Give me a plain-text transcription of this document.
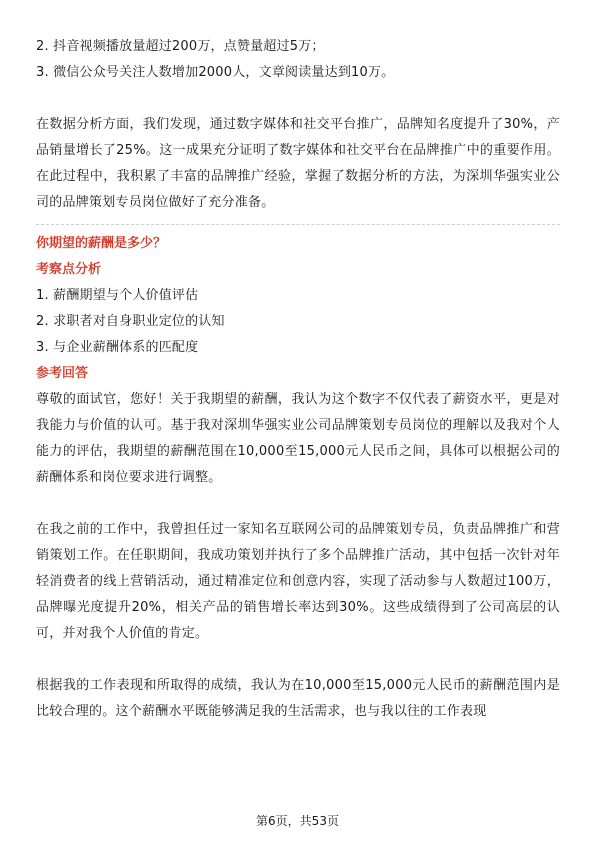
2. 抖音视频播放量超过200万，点赞量超过5万；
3. 微信公众号关注人数增加2000人，文章阅读量达到10万。

在数据分析方面，我们发现，通过数字媒体和社交平台推广，品牌知名度提升了30%，产品销量增长了25%。这一成果充分证明了数字媒体和社交平台在品牌推广中的重要作用。在此过程中，我积累了丰富的品牌推广经验，掌握了数据分析的方法，为深圳华强实业公司的品牌策划专员岗位做好了充分准备。

你期望的薪酬是多少？
考察点分析
1. 薪酬期望与个人价值评估
2. 求职者对自身职业定位的认知
3. 与企业薪酬体系的匹配度
参考回答

尊敬的面试官，您好！关于我期望的薪酬，我认为这个数字不仅代表了薪资水平，更是对我能力与价值的认可。基于我对深圳华强实业公司品牌策划专员岗位的理解以及我对个人能力的评估，我期望的薪酬范围在10,000至15,000元人民币之间，具体可以根据公司的薪酬体系和岗位要求进行调整。

在我之前的工作中，我曾担任过一家知名互联网公司的品牌策划专员，负责品牌推广和营销策划工作。在任职期间，我成功策划并执行了多个品牌推广活动，其中包括一次针对年轻消费者的线上营销活动，通过精准定位和创意内容，实现了活动参与人数超过100万，品牌曝光度提升20%，相关产品的销售增长率达到30%。这些成绩得到了公司高层的认可，并对我个人价值的肯定。

根据我的工作表现和所取得的成绩，我认为在10,000至15,000元人民币的薪酬范围内是比较合理的。这个薪酬水平既能够满足我的生活需求，也与我以往的工作表现

第6页，共53页
